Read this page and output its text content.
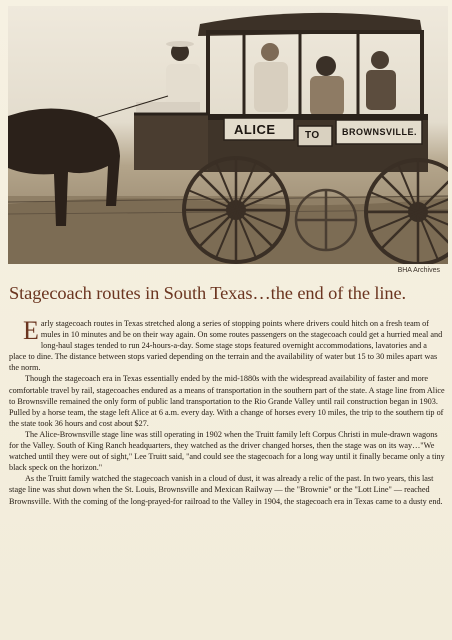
ALICE	TO BROWNSVILLE.
BHA Archives
Stagecoach routes in South Texas…the end of the line.

Early stagecoach routes in Texas stretched along a series of stopping points where drivers could hitch on a fresh team of mules in 10 minutes and be on their way again. On some routes passengers on the stagecoach could get a hurried meal and long-haul stages tended to run 24-hours-a-day. Some stage stops featured overnight accommodations, lavatories and a place to dine. The distance between stops varied depending on the terrain and the availability of water but 15 to 30 miles apart was the norm.

Though the stagecoach era in Texas essentially ended by the mid-1880s with the widespread availability of faster and more comfortable travel by rail, stagecoaches endured as a means of transportation in the southern part of the state. A stage line from Alice to Brownsville remained the only form of public land transportation to the Rio Grande Valley until rail construction began in 1903. Pulled by a horse team, the stage left Alice at 6 a.m. every day. With a change of horses every 10 miles, the trip to the southern tip of the state took 36 hours and cost about $27.

The Alice-Brownsville stage line was still operating in 1902 when the Truitt family left Corpus Christi in mule-drawn wagons for the Valley. South of King Ranch headquarters, they watched as the driver changed horses, then the stage was on its way…"We watched until they were out of sight," Lee Truitt said, "and could see the stagecoach for a long way until it finally became only a tiny black speck on the horizon."

As the Truitt family watched the stagecoach vanish in a cloud of dust, it was already a relic of the past. In two years, this last stage line was shut down when the St. Louis, Brownsville and Mexican Railway — the "Brownie" or the "Lott Line" — reached Brownsville. With the coming of the long-prayed-for railroad to the Valley in 1904, the stagecoach era in Texas came to a dusty end.
